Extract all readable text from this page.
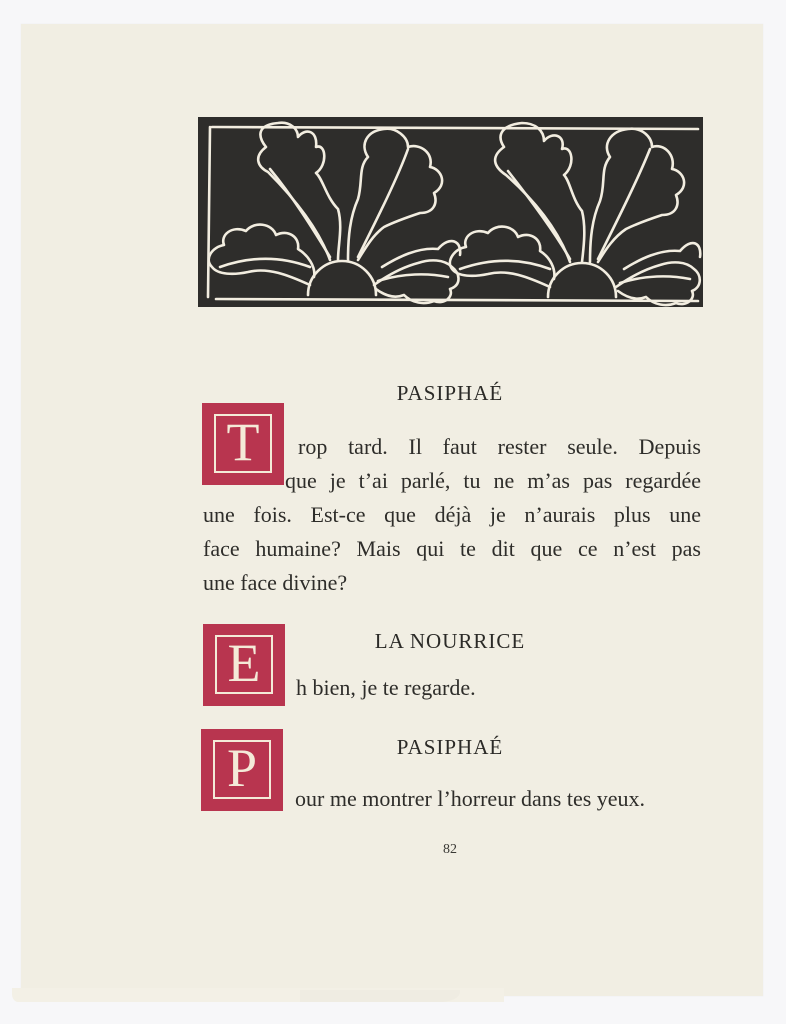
PASIPHAÉ
T	rop tard. Il faut rester seule. Depuis
que je t’ai parlé, tu ne m’as pas regardée
une fois. Est-ce que déjà je n’aurais plus une
face humaine? Mais qui te dit que ce n’est pas
une face divine?
LA NOURRICE
E	h bien, je te regarde.
PASIPHAÉ
P
our me montrer l’horreur dans tes yeux.
82
